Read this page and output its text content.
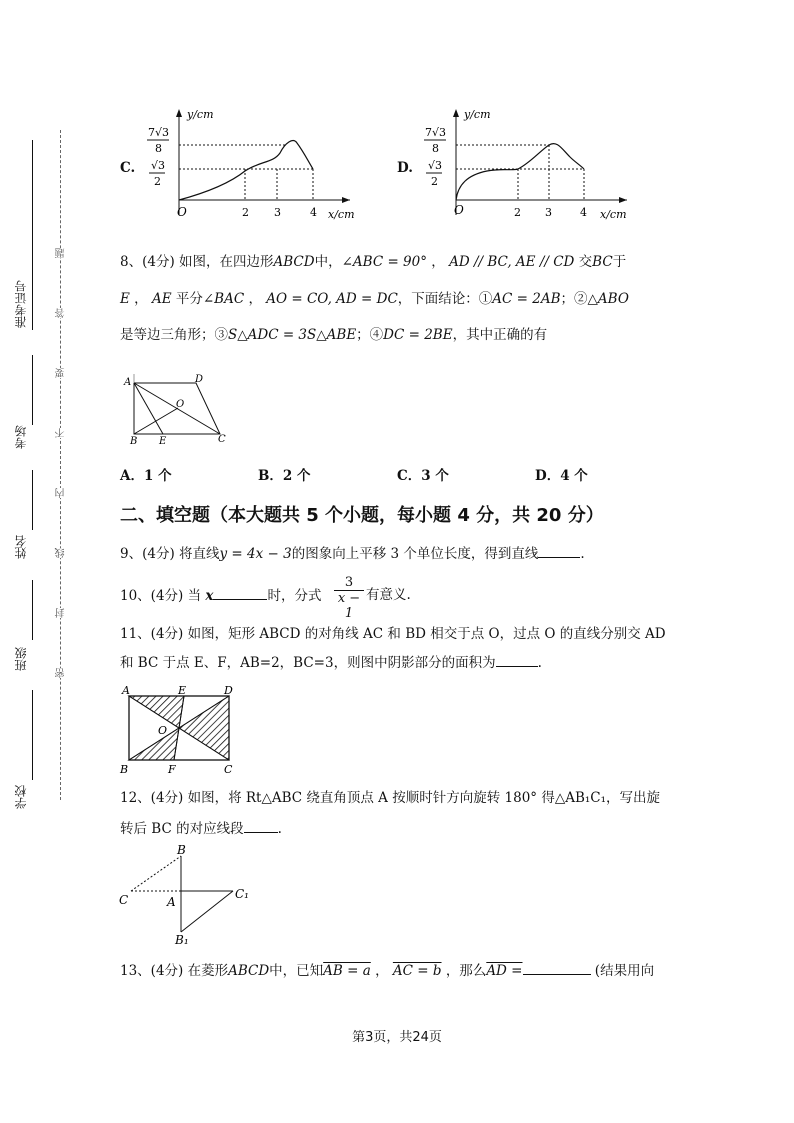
准考证号
考场
姓名
班级
学校
题
答
要
不
内
线
封
密
C.
y/cm
x/cm
O	2 3	4
7√3
8
√3
2
D.
y/cm
x/cm
O	2 3	4
7√3
8
√3
2
8、(4分) 如图，在四边形ABCD中，∠ABC = 90° ， AD // BC, AE // CD 交BC于
E ， AE 平分∠BAC ， AO = CO, AD = DC，下面结论：①AC = 2AB；②△ABO
是等边三角形；③S△ADC = 3S△ABE；④DC = 2BE，其中正确的有
A	D
O
B E	C
A．1 个	B．2 个	C．3 个	D．4 个
二、填空题（本大题共 5 个小题，每小题 4 分，共 20 分）
9、(4分) 将直线y = 4x − 3的图象向上平移 3 个单位长度，得到直线	.
10、(4分) 当 x	时，分式 $\frac{3}{x - 1}$ 有意义.
11、(4分) 如图，矩形 ABCD 的对角线 AC 和 BD 相交于点 O，过点 O 的直线分别交 AD
和 BC 于点 E、F，AB=2，BC=3，则图中阴影部分的面积为	.
A	E	D
O
B	F	C
12、(4分) 如图，将 Rt△ABC 绕直角顶点 A 按顺时针方向旋转 180° 得△AB₁C₁，写出旋
转后 BC 的对应线段	.
B
C	A
C₁
B₁
13、(4分) 在菱形ABCD中，已知AB = a ， AC = b ，那么AD =	(结果用向
第3页，共24页
